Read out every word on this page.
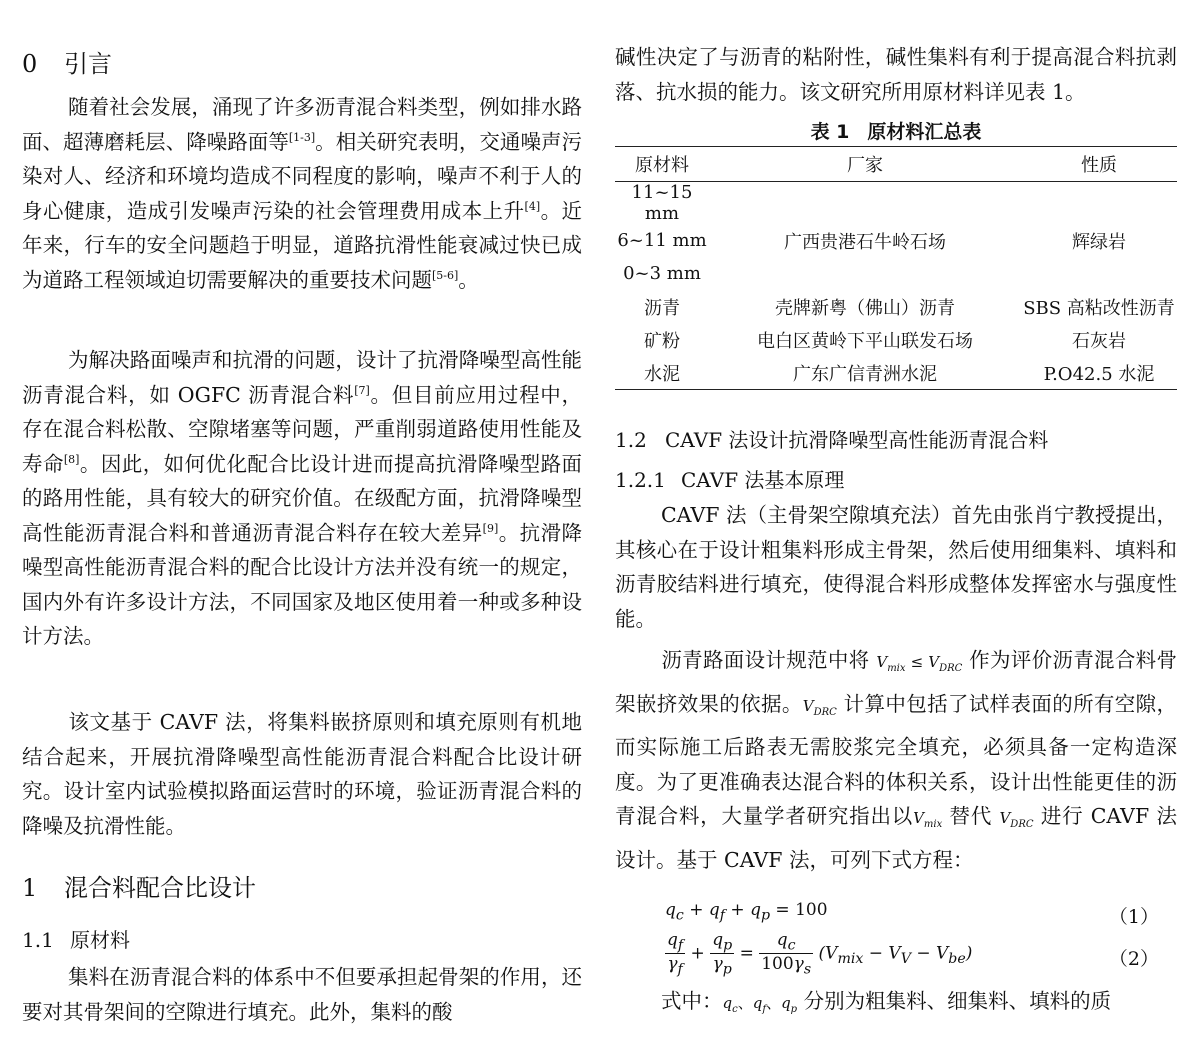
0 引言

随着社会发展，涌现了许多沥青混合料类型，例如排水路面、超薄磨耗层、降噪路面等[1-3]。相关研究表明，交通噪声污染对人、经济和环境均造成不同程度的影响，噪声不利于人的身心健康，造成引发噪声污染的社会管理费用成本上升[4]。近年来，行车的安全问题趋于明显，道路抗滑性能衰减过快已成为道路工程领域迫切需要解决的重要技术问题[5-6]。

为解决路面噪声和抗滑的问题，设计了抗滑降噪型高性能沥青混合料，如 OGFC 沥青混合料[7]。但目前应用过程中，存在混合料松散、空隙堵塞等问题，严重削弱道路使用性能及寿命[8]。因此，如何优化配合比设计进而提高抗滑降噪型路面的路用性能，具有较大的研究价值。在级配方面，抗滑降噪型高性能沥青混合料和普通沥青混合料存在较大差异[9]。抗滑降噪型高性能沥青混合料的配合比设计方法并没有统一的规定，国内外有许多设计方法，不同国家及地区使用着一种或多种设计方法。

该文基于 CAVF 法，将集料嵌挤原则和填充原则有机地结合起来，开展抗滑降噪型高性能沥青混合料配合比设计研究。设计室内试验模拟路面运营时的环境，验证沥青混合料的降噪及抗滑性能。

1 混合料配合比设计
1.1 原材料

集料在沥青混合料的体系中不但要承担起骨架的作用，还要对其骨架间的空隙进行填充。此外，集料的酸

碱性决定了与沥青的粘附性，碱性集料有利于提高混合料抗剥落、抗水损的能力。该文研究所用原材料详见表 1。

表 1 原材料汇总表
原材料	厂家	性质
11~15 mm		
6~11 mm	广西贵港石牛岭石场	辉绿岩
0~3 mm		
沥青	壳牌新粤（佛山）沥青	SBS 高粘改性沥青
矿粉	电白区黄岭下平山联发石场	石灰岩
水泥	广东广信青洲水泥	P.O42.5 水泥
1.2 CAVF 法设计抗滑降噪型高性能沥青混合料
1.2.1 CAVF 法基本原理

CAVF 法（主骨架空隙填充法）首先由张肖宁教授提出，其核心在于设计粗集料形成主骨架，然后使用细集料、填料和沥青胶结料进行填充，使得混合料形成整体发挥密水与强度性能。

沥青路面设计规范中将 $V_{mix} \le V_{DRC}$ 作为评价沥青混合料骨架嵌挤效果的依据。$V_{DRC}$ 计算中包括了试样表面的所有空隙，而实际施工后路表无需胶浆完全填充，必须具备一定构造深度。为了更准确表达混合料的体积关系，设计出性能更佳的沥青混合料，大量学者研究指出以$V_{mix}$ 替代 $V_{DRC}$ 进行 CAVF 法设计。基于 CAVF 法，可列下式方程：

$q_c + q_f + q_p = 100$	（1）
$\frac{q_f}{\gamma_f} + \frac{q_p}{\gamma_p} = \frac{q_c}{100\gamma_s} (V_{mix} - V_V - V_{be})$	（2）

式中：$q_c$、$q_f$、$q_p$ 分别为粗集料、细集料、填料的质
